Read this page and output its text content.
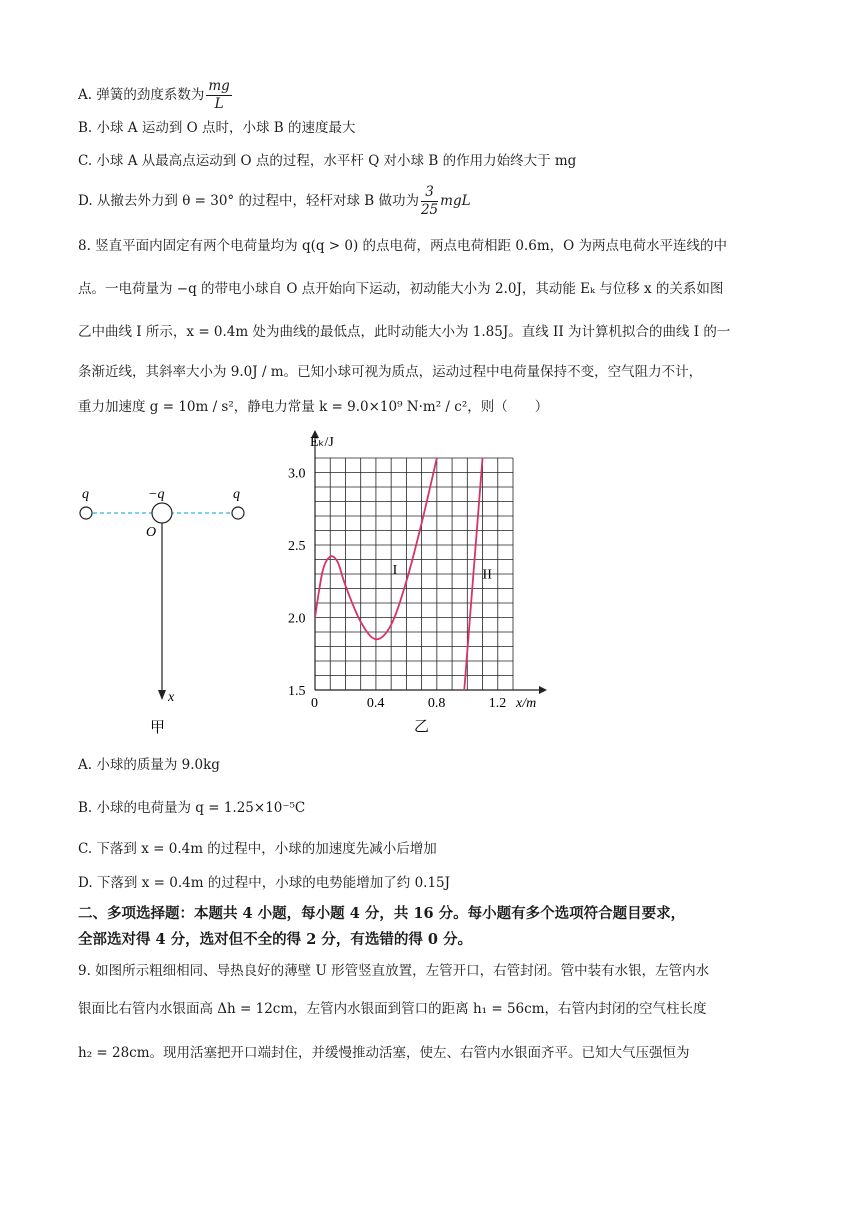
A. 弹簧的劲度系数为 $\frac{mg}{L}$
B. 小球 A 运动到 O 点时，小球 B 的速度最大
C. 小球 A 从最高点运动到 O 点的过程，水平杆 Q 对小球 B 的作用力始终大于 mg
D. 从撤去外力到 θ = 30° 的过程中，轻杆对球 B 做功为 $\frac{3}{25}$ mgL
8. 竖直平面内固定有两个电荷量均为 q(q > 0) 的点电荷，两点电荷相距 0.6m，O 为两点电荷水平连线的中
点。一电荷量为 −q 的带电小球自 O 点开始向下运动，初动能大小为 2.0J，其动能 Eₖ 与位移 x 的关系如图
乙中曲线 I 所示，x = 0.4m 处为曲线的最低点，此时动能大小为 1.85J。直线 II 为计算机拟合的曲线 I 的一
条渐近线，其斜率大小为 9.0J / m。已知小球可视为质点，运动过程中电荷量保持不变，空气阻力不计，
重力加速度 g = 10m / s²，静电力常量 k = 9.0×10⁹ N·m² / c²，则（　　）
q	−q	q
O
x
甲
0	0.4	0.8	1.2
1.5
2.0
2.5
3.0
I	II
Eₖ/J
x/m
乙
A. 小球的质量为 9.0kg
B. 小球的电荷量为 q = 1.25×10⁻⁵C
C. 下落到 x = 0.4m 的过程中，小球的加速度先减小后增加
D. 下落到 x = 0.4m 的过程中，小球的电势能增加了约 0.15J
二、多项选择题：本题共 4 小题，每小题 4 分，共 16 分。每小题有多个选项符合题目要求，
全部选对得 4 分，选对但不全的得 2 分，有选错的得 0 分。
9. 如图所示粗细相同、导热良好的薄壁 U 形管竖直放置，左管开口，右管封闭。管中装有水银，左管内水
银面比右管内水银面高 Δh = 12cm，左管内水银面到管口的距离 h₁ = 56cm，右管内封闭的空气柱长度
h₂ = 28cm。现用活塞把开口端封住，并缓慢推动活塞，使左、右管内水银面齐平。已知大气压强恒为
